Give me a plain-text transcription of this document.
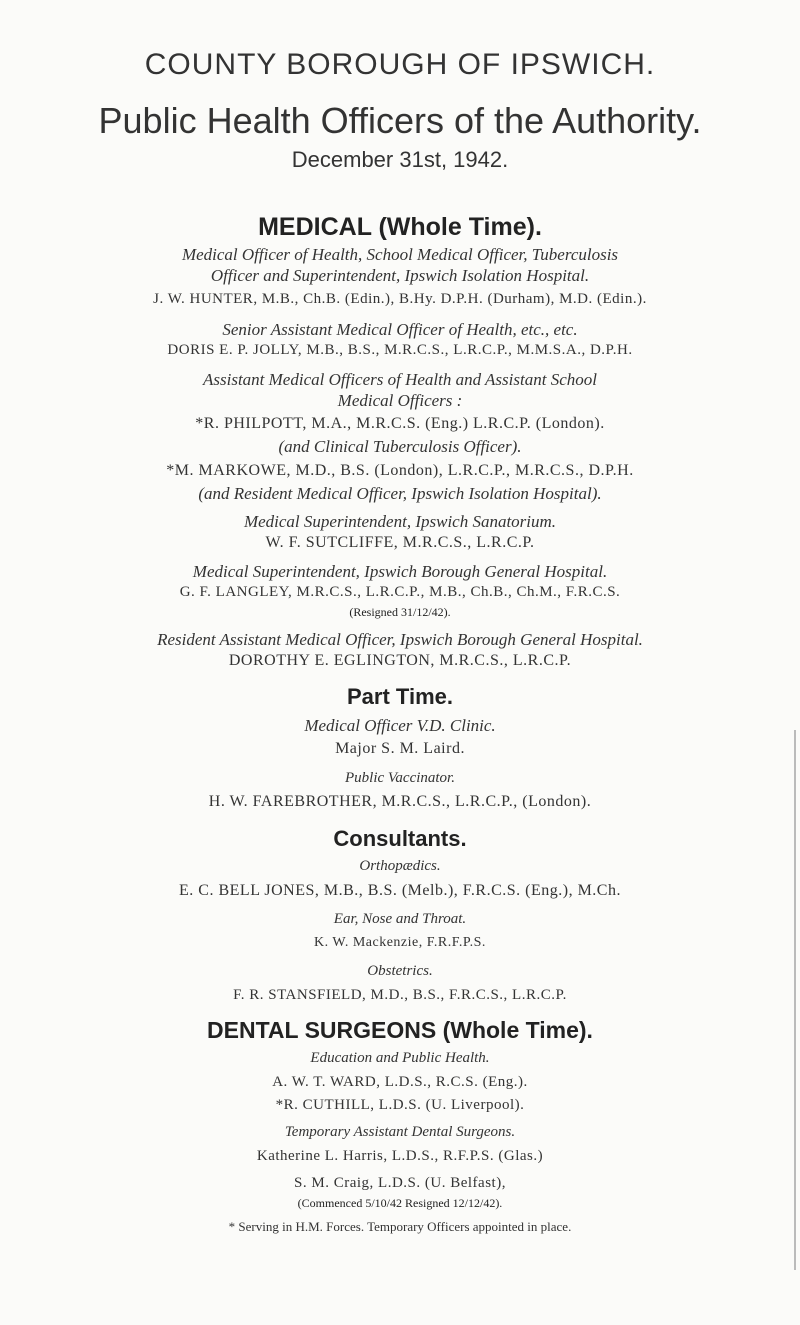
COUNTY BOROUGH OF IPSWICH.
Public Health Officers of the Authority.
December 31st, 1942.
MEDICAL (Whole Time).
Medical Officer of Health, School Medical Officer, Tuberculosis
Officer and Superintendent, Ipswich Isolation Hospital.
J. W. HUNTER, M.B., Ch.B. (Edin.), B.Hy. D.P.H. (Durham), M.D. (Edin.).
Senior Assistant Medical Officer of Health, etc., etc.
DORIS E. P. JOLLY, M.B., B.S., M.R.C.S., L.R.C.P., M.M.S.A., D.P.H.
Assistant Medical Officers of Health and Assistant School
Medical Officers :
*R. PHILPOTT, M.A., M.R.C.S. (Eng.) L.R.C.P. (London).
(and Clinical Tuberculosis Officer).
*M. MARKOWE, M.D., B.S. (London), L.R.C.P., M.R.C.S., D.P.H.
(and Resident Medical Officer, Ipswich Isolation Hospital).
Medical Superintendent, Ipswich Sanatorium.
W. F. SUTCLIFFE, M.R.C.S., L.R.C.P.
Medical Superintendent, Ipswich Borough General Hospital.
G. F. LANGLEY, M.R.C.S., L.R.C.P., M.B., Ch.B., Ch.M., F.R.C.S.
(Resigned 31/12/42).
Resident Assistant Medical Officer, Ipswich Borough General Hospital.
DOROTHY E. EGLINGTON, M.R.C.S., L.R.C.P.
Part Time.
Medical Officer V.D. Clinic.
Major S. M. Laird.
Public Vaccinator.
H. W. FAREBROTHER, M.R.C.S., L.R.C.P., (London).
Consultants.
Orthopædics.
E. C. BELL JONES, M.B., B.S. (Melb.), F.R.C.S. (Eng.), M.Ch.
Ear, Nose and Throat.
K. W. Mackenzie, F.R.F.P.S.
Obstetrics.
F. R. STANSFIELD, M.D., B.S., F.R.C.S., L.R.C.P.
DENTAL SURGEONS (Whole Time).
Education and Public Health.
A. W. T. WARD, L.D.S., R.C.S. (Eng.).
*R. CUTHILL, L.D.S. (U. Liverpool).
Temporary Assistant Dental Surgeons.
Katherine L. Harris, L.D.S., R.F.P.S. (Glas.)
S. M. Craig, L.D.S. (U. Belfast),
(Commenced 5/10/42 Resigned 12/12/42).
* Serving in H.M. Forces. Temporary Officers appointed in place.
